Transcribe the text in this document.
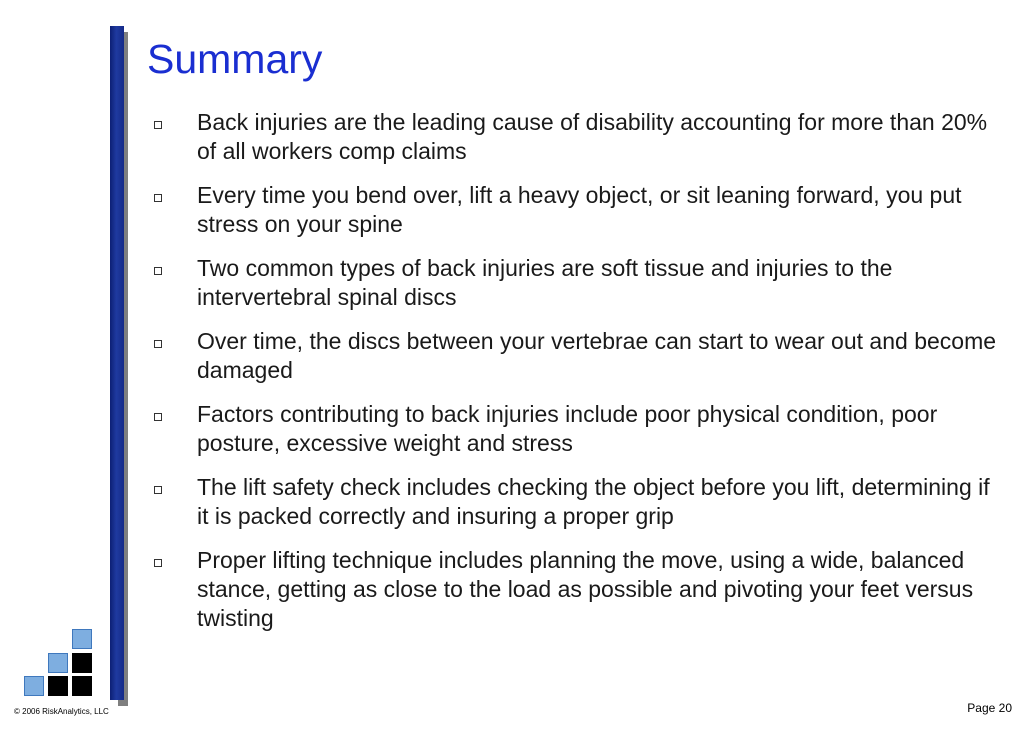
Summary
Back injuries are the leading cause of disability accounting for more than 20% of all workers comp claims
Every time you bend over, lift a heavy object, or sit leaning forward, you put stress on your spine
Two common types of back injuries are soft tissue and injuries to the intervertebral spinal discs
Over time, the discs between your vertebrae can start to wear out and become damaged
Factors contributing to back injuries include poor physical condition, poor posture, excessive weight and stress
The lift safety check includes checking the object before you lift, determining if it is packed correctly and insuring a proper grip
Proper lifting technique includes planning the move, using a wide, balanced stance, getting as close to the load as possible and pivoting your feet versus twisting

© 2006 RiskAnalytics, LLC	Page 20
